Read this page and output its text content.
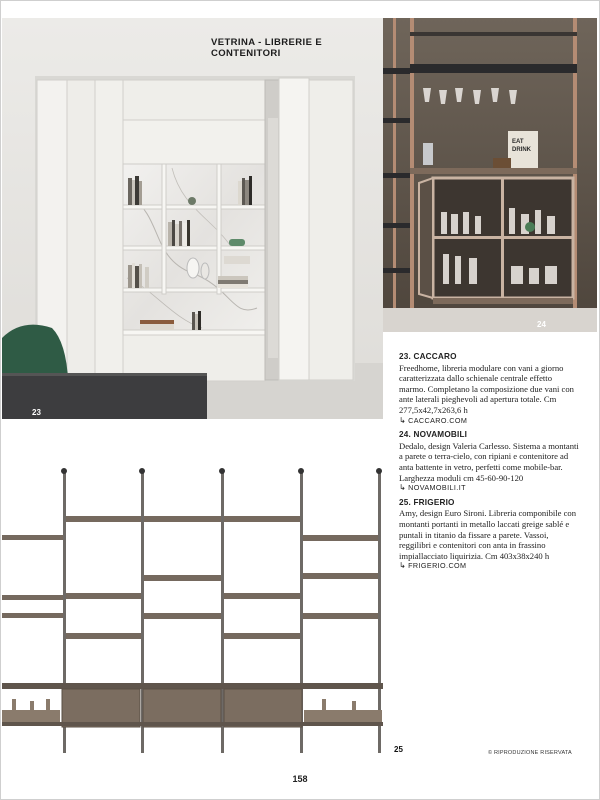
23
VETRINA - LIBRERIE E CONTENITORI
EAT
DRINK
24
25
23. CACCARO
Freedhome, libreria modulare con vani a giorno caratterizzata dallo schienale centrale effetto marmo. Completano la composizione due vani con ante laterali pieghevoli ad apertura totale. Cm 277,5x42,7x263,6 h
↳ CACCARO.COM
24. NOVAMOBILI
Dedalo, design Valeria Carlesso. Sistema a montanti a parete o terra-cielo, con ripiani e contenitore ad anta battente in vetro, perfetti come mobile-bar. Larghezza moduli cm 45-60-90-120
↳ NOVAMOBILI.IT
25. FRIGERIO
Amy, design Euro Sironi. Libreria componibile con montanti portanti in metallo laccati greige sablé e puntali in titanio da fissare a parete. Vassoi, reggilibri e contenitori con anta in frassino impiallacciato liquirizia. Cm 403x38x240 h
↳ FRIGERIO.COM
© RIPRODUZIONE RISERVATA
158
